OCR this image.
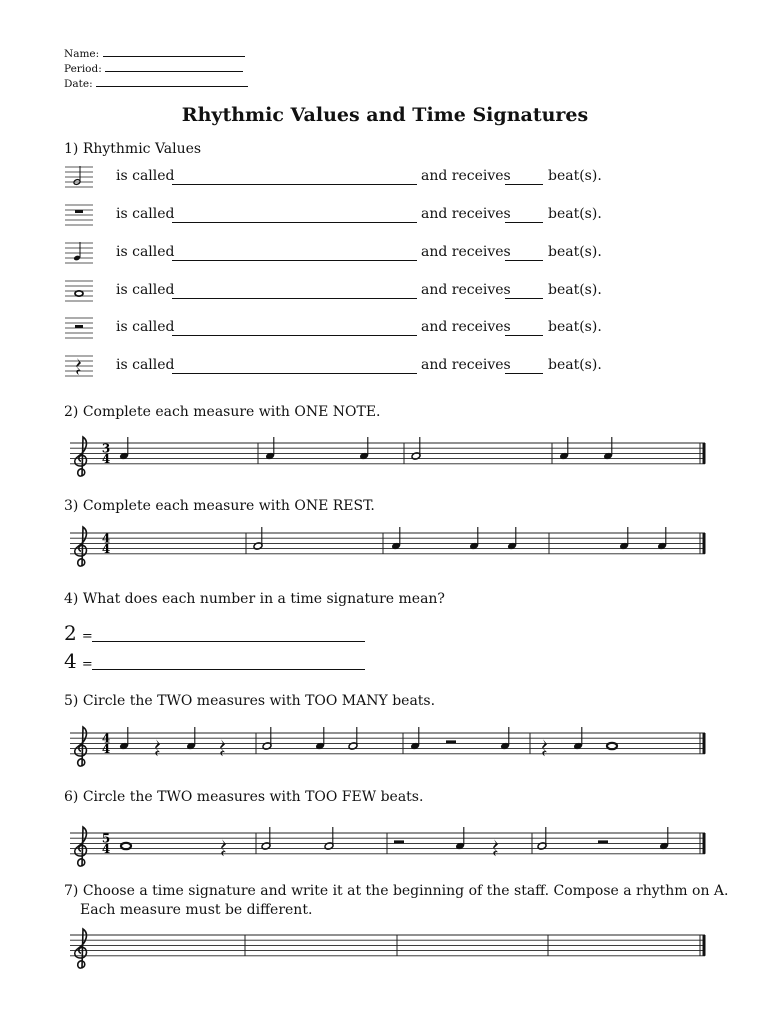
Name:
Period:
Date:
Rhythmic Values and Time Signatures
1) Rhythmic Values
is called	and receives	beat(s).
is called	and receives	beat(s).
is called	and receives	beat(s).
is called	and receives	beat(s).
is called	and receives	beat(s).
is called	and receives	beat(s).
2) Complete each measure with ONE NOTE.
3
4
4
4
4
4
5
4
3) Complete each measure with ONE REST.
4) What does each number in a time signature mean?
2 =
4 =
5) Circle the TWO measures with TOO MANY beats.
6) Circle the TWO measures with TOO FEW beats.
7) Choose a time signature and write it at the beginning of the staff. Compose a rhythm on A.
Each measure must be different.
